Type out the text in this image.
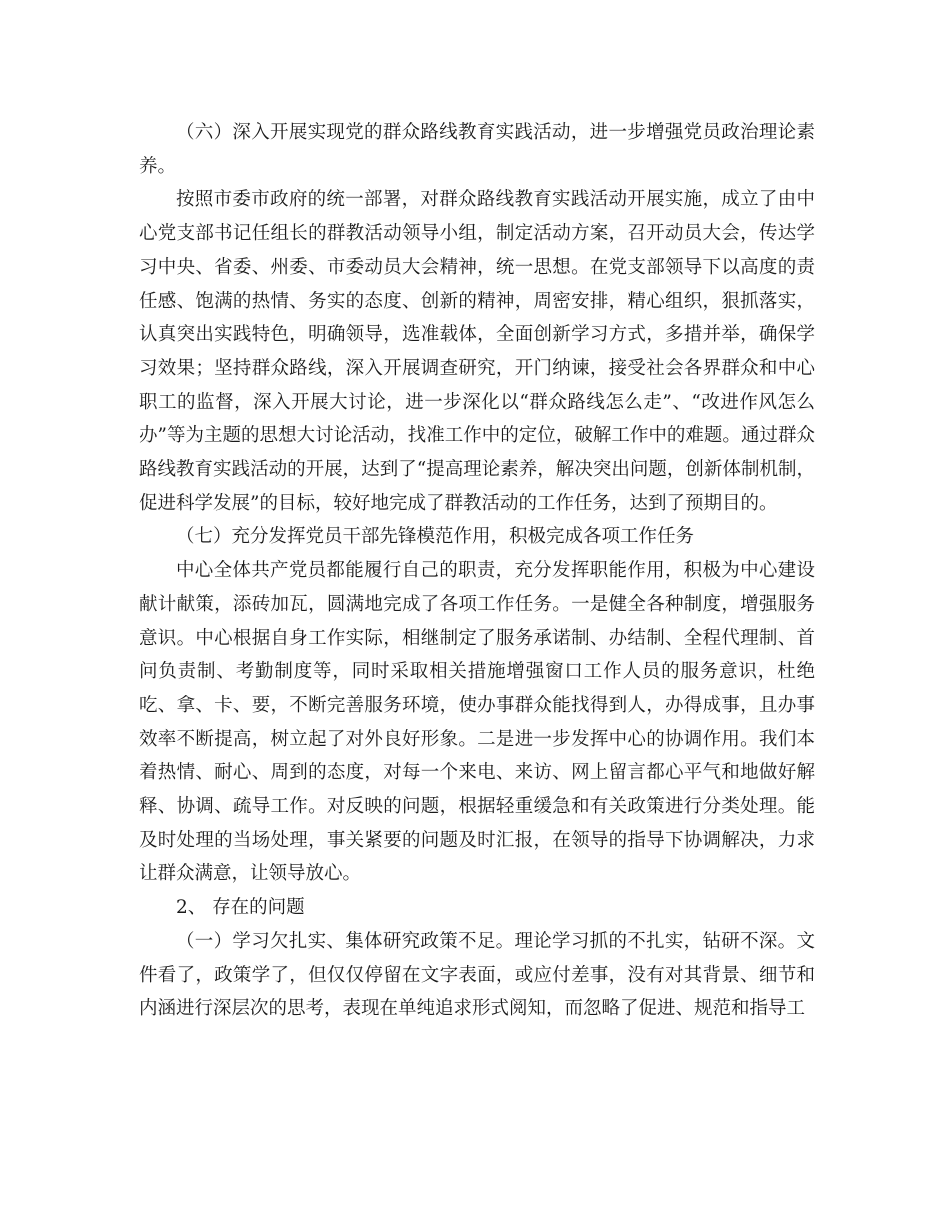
（六）深入开展实现党的群众路线教育实践活动，进一步增强党员政治理论素养。

按照市委市政府的统一部署，对群众路线教育实践活动开展实施，成立了由中心党支部书记任组长的群教活动领导小组，制定活动方案，召开动员大会，传达学习中央、省委、州委、市委动员大会精神，统一思想。在党支部领导下以高度的责任感、饱满的热情、务实的态度、创新的精神，周密安排，精心组织，狠抓落实，认真突出实践特色，明确领导，选准载体，全面创新学习方式，多措并举，确保学习效果；坚持群众路线，深入开展调查研究，开门纳谏，接受社会各界群众和中心职工的监督，深入开展大讨论，进一步深化以“群众路线怎么走”、“改进作风怎么办”等为主题的思想大讨论活动，找准工作中的定位，破解工作中的难题。通过群众路线教育实践活动的开展，达到了“提高理论素养，解决突出问题，创新体制机制，促进科学发展”的目标，较好地完成了群教活动的工作任务，达到了预期目的。

（七）充分发挥党员干部先锋模范作用，积极完成各项工作任务

中心全体共产党员都能履行自己的职责，充分发挥职能作用，积极为中心建设献计献策，添砖加瓦，圆满地完成了各项工作任务。一是健全各种制度，增强服务意识。中心根据自身工作实际，相继制定了服务承诺制、办结制、全程代理制、首问负责制、考勤制度等，同时采取相关措施增强窗口工作人员的服务意识，杜绝吃、拿、卡、要，不断完善服务环境，使办事群众能找得到人，办得成事，且办事效率不断提高，树立起了对外良好形象。二是进一步发挥中心的协调作用。我们本着热情、耐心、周到的态度，对每一个来电、来访、网上留言都心平气和地做好解释、协调、疏导工作。对反映的问题，根据轻重缓急和有关政策进行分类处理。能及时处理的当场处理，事关紧要的问题及时汇报，在领导的指导下协调解决，力求让群众满意，让领导放心。

2、 存在的问题

（一）学习欠扎实、集体研究政策不足。理论学习抓的不扎实，钻研不深。文件看了，政策学了，但仅仅停留在文字表面，或应付差事，没有对其背景、细节和内涵进行深层次的思考，表现在单纯追求形式阅知，而忽略了促进、规范和指导工
